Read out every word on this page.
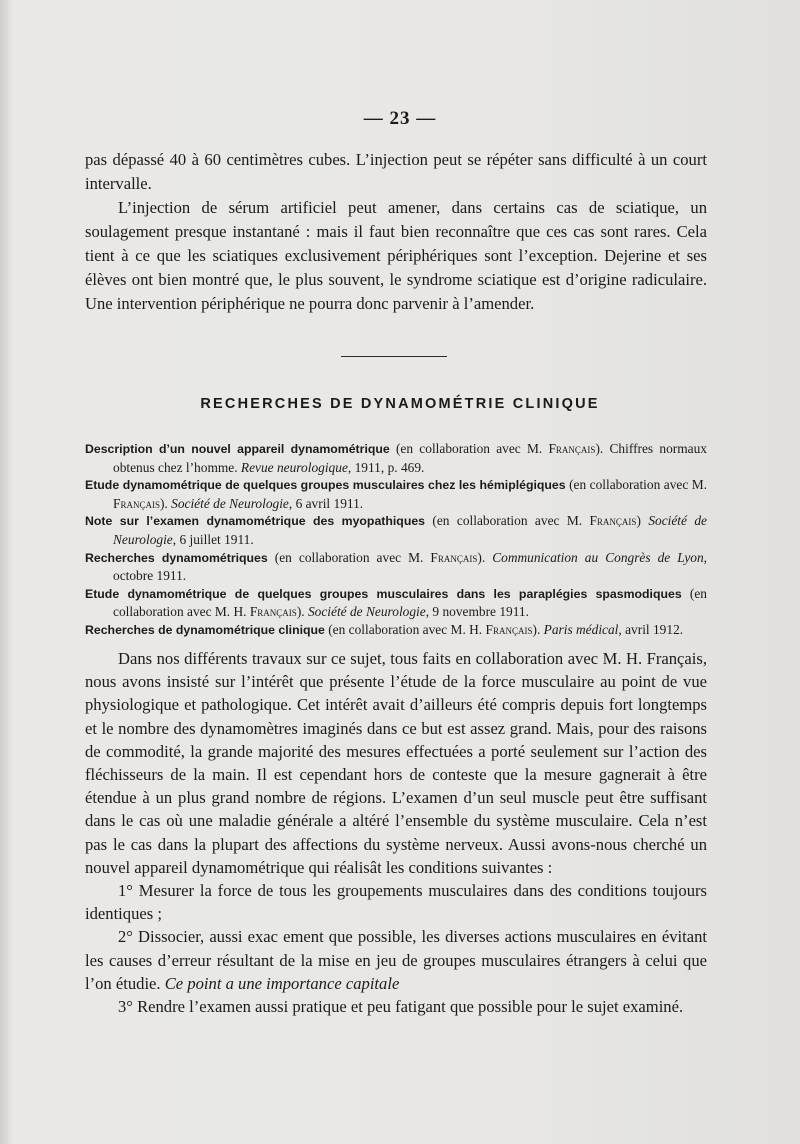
— 23 —

pas dépassé 40 à 60 centimètres cubes. L’injection peut se répéter sans difficulté à un court intervalle.

L’injection de sérum artificiel peut amener, dans certains cas de sciatique, un soulagement presque instantané : mais il faut bien reconnaître que ces cas sont rares. Cela tient à ce que les sciatiques exclusivement périphériques sont l’exception. Dejerine et ses élèves ont bien montré que, le plus souvent, le syndrome sciatique est d’origine radiculaire. Une intervention périphérique ne pourra donc parvenir à l’amender.

RECHERCHES DE DYNAMOMÉTRIE CLINIQUE

Description d’un nouvel appareil dynamométrique (en collaboration avec M. Français). Chiffres normaux obtenus chez l’homme. Revue neurologique, 1911, p. 469.

Etude dynamométrique de quelques groupes musculaires chez les hémiplégiques (en collaboration avec M. Français). Société de Neurologie, 6 avril 1911.

Note sur l’examen dynamométrique des myopathiques (en collaboration avec M. Français) Société de Neurologie, 6 juillet 1911.

Recherches dynamométriques (en collaboration avec M. Français). Communication au Congrès de Lyon, octobre 1911.

Etude dynamométrique de quelques groupes musculaires dans les paraplégies spasmodiques (en collaboration avec M. H. Français). Société de Neurologie, 9 novembre 1911.

Recherches de dynamométrique clinique (en collaboration avec M. H. Français). Paris médical, avril 1912.

Dans nos différents travaux sur ce sujet, tous faits en collaboration avec M. H. Français, nous avons insisté sur l’intérêt que présente l’étude de la force musculaire au point de vue physiologique et pathologique. Cet intérêt avait d’ailleurs été compris depuis fort longtemps et le nombre des dynamomètres imaginés dans ce but est assez grand. Mais, pour des raisons de commodité, la grande majorité des mesures effectuées a porté seulement sur l’action des fléchisseurs de la main. Il est cependant hors de conteste que la mesure gagnerait à être étendue à un plus grand nombre de régions. L’examen d’un seul muscle peut être suffisant dans le cas où une maladie générale a altéré l’ensemble du système musculaire. Cela n’est pas le cas dans la plupart des affections du système nerveux. Aussi avons-nous cherché un nouvel appareil dynamométrique qui réalisât les conditions suivantes :

1° Mesurer la force de tous les groupements musculaires dans des conditions toujours identiques ;

2° Dissocier, aussi exac ement que possible, les diverses actions musculaires en évitant les causes d’erreur résultant de la mise en jeu de groupes musculaires étrangers à celui que l’on étudie. Ce point a une importance capitale

3° Rendre l’examen aussi pratique et peu fatigant que possible pour le sujet examiné.
